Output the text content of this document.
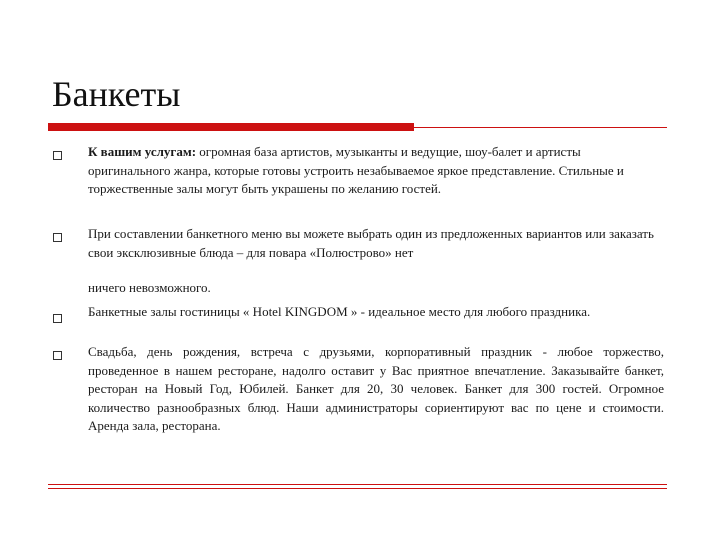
Банкеты
К вашим услугам: огромная база артистов, музыканты и ведущие, шоу-балет и артисты оригинального жанра, которые готовы устроить незабываемое яркое представление. Стильные и торжественные залы могут быть украшены по желанию гостей.
При составлении банкетного меню вы можете выбрать один из предложенных вариантов или заказать свои эксклюзивные блюда – для повара «Полюстрово» нет
ничего невозможного.
Банкетные залы гостиницы « Hotel KINGDOM » - идеальное место для любого праздника.
Свадьба, день рождения, встреча с друзьями, корпоративный праздник - любое торжество, проведенное в нашем ресторане, надолго оставит у Вас приятное впечатление. Заказывайте банкет, ресторан на Новый Год, Юбилей. Банкет для 20, 30 человек. Банкет для 300 гостей. Огромное количество разнообразных блюд. Наши администраторы сориентируют вас по цене и стоимости. Аренда зала, ресторана.
